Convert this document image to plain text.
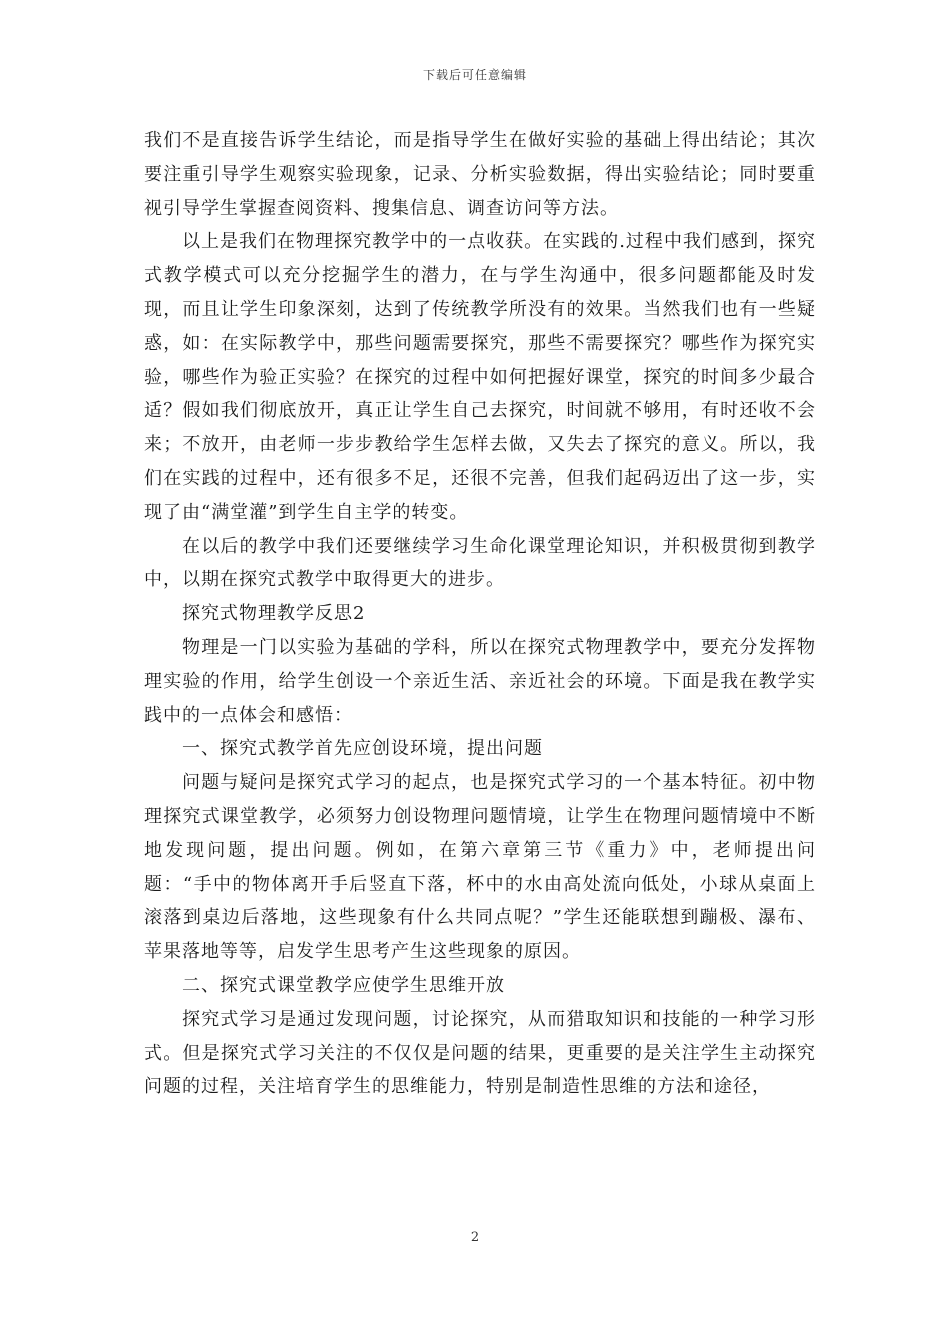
下载后可任意编辑

我们不是直接告诉学生结论，而是指导学生在做好实验的基础上得出结论；其次要注重引导学生观察实验现象，记录、分析实验数据，得出实验结论；同时要重视引导学生掌握查阅资料、搜集信息、调查访问等方法。

以上是我们在物理探究教学中的一点收获。在实践的.过程中我们感到，探究式教学模式可以充分挖掘学生的潜力，在与学生沟通中，很多问题都能及时发现，而且让学生印象深刻，达到了传统教学所没有的效果。当然我们也有一些疑惑，如：在实际教学中，那些问题需要探究，那些不需要探究？哪些作为探究实验，哪些作为验正实验？在探究的过程中如何把握好课堂，探究的时间多少最合适？假如我们彻底放开，真正让学生自己去探究，时间就不够用，有时还收不会来；不放开，由老师一步步教给学生怎样去做，又失去了探究的意义。所以，我们在实践的过程中，还有很多不足，还很不完善，但我们起码迈出了这一步，实现了由“满堂灌”到学生自主学的转变。

在以后的教学中我们还要继续学习生命化课堂理论知识，并积极贯彻到教学中，以期在探究式教学中取得更大的进步。

探究式物理教学反思2

物理是一门以实验为基础的学科，所以在探究式物理教学中，要充分发挥物理实验的作用，给学生创设一个亲近生活、亲近社会的环境。下面是我在教学实践中的一点体会和感悟：

一、探究式教学首先应创设环境，提出问题

问题与疑问是探究式学习的起点，也是探究式学习的一个基本特征。初中物理探究式课堂教学，必须努力创设物理问题情境，让学生在物理问题情境中不断地发现问题，提出问题。例如，在第六章第三节《重力》中，老师提出问题：“手中的物体离开手后竖直下落，杯中的水由高处流向低处，小球从桌面上滚落到桌边后落地，这些现象有什么共同点呢？”学生还能联想到蹦极、瀑布、苹果落地等等，启发学生思考产生这些现象的原因。

二、探究式课堂教学应使学生思维开放

探究式学习是通过发现问题，讨论探究，从而猎取知识和技能的一种学习形式。但是探究式学习关注的不仅仅是问题的结果，更重要的是关注学生主动探究问题的过程，关注培育学生的思维能力，特别是制造性思维的方法和途径，

2
